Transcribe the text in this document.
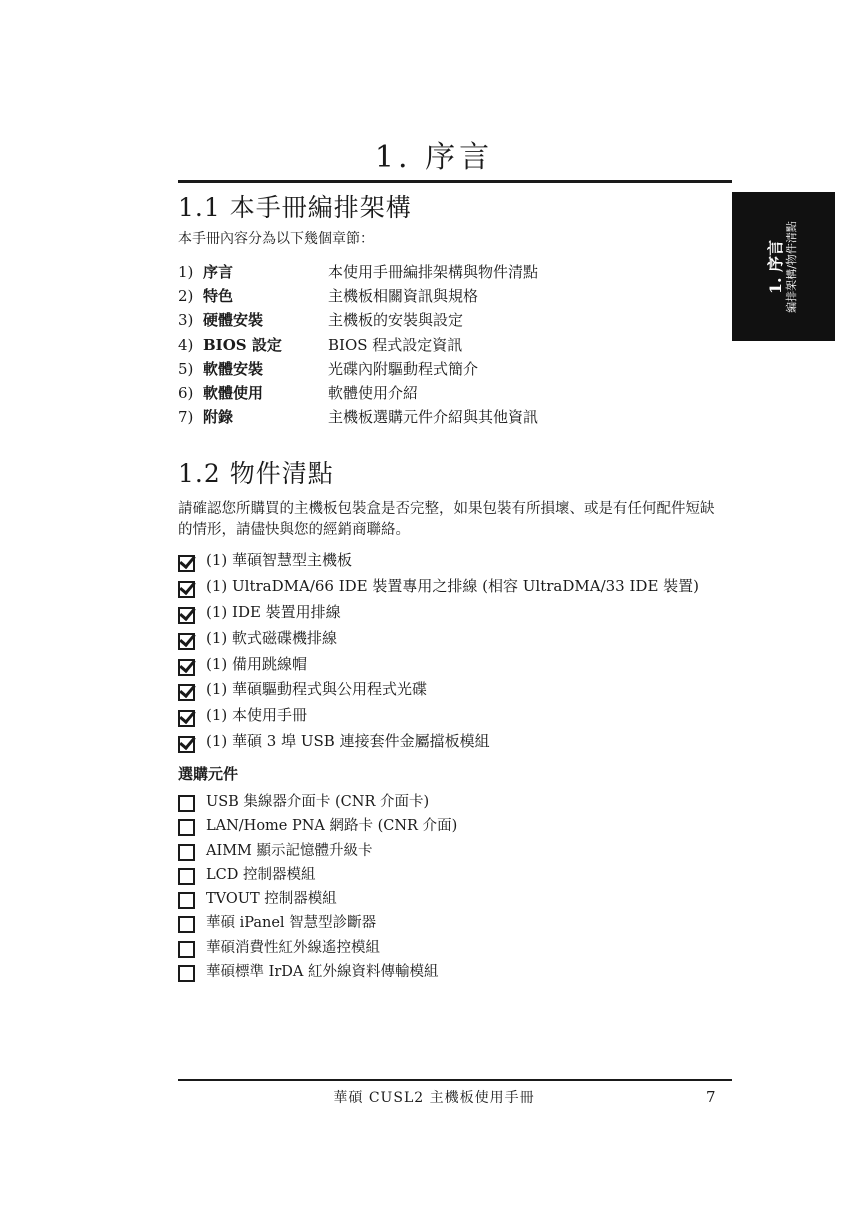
1. 序言
1. 序言 編排架構/物件清點
1.1 本手冊編排架構
本手冊內容分為以下幾個章節：
1) 序言	本使用手冊編排架構與物件清點
2) 特色	主機板相關資訊與規格
3) 硬體安裝	主機板的安裝與設定
4) BIOS 設定	BIOS 程式設定資訊
5) 軟體安裝	光碟內附驅動程式簡介
6) 軟體使用	軟體使用介紹
7) 附錄	主機板選購元件介紹與其他資訊
1.2 物件清點
請確認您所購買的主機板包裝盒是否完整，如果包裝有所損壞、或是有任何配件短缺的情形，請儘快與您的經銷商聯絡。
(1) 華碩智慧型主機板
(1) UltraDMA/66 IDE 裝置專用之排線 (相容 UltraDMA/33 IDE 裝置)
(1) IDE 裝置用排線
(1) 軟式磁碟機排線
(1) 備用跳線帽
(1) 華碩驅動程式與公用程式光碟
(1) 本使用手冊
(1) 華碩 3 埠 USB 連接套件金屬擋板模組
選購元件
USB 集線器介面卡 (CNR 介面卡)
LAN/Home PNA 網路卡 (CNR 介面)
AIMM 顯示記憶體升級卡
LCD 控制器模組
TVOUT 控制器模組
華碩 iPanel 智慧型診斷器
華碩消費性紅外線遙控模組
華碩標準 IrDA 紅外線資料傳輸模組
華碩 CUSL2 主機板使用手冊	7
